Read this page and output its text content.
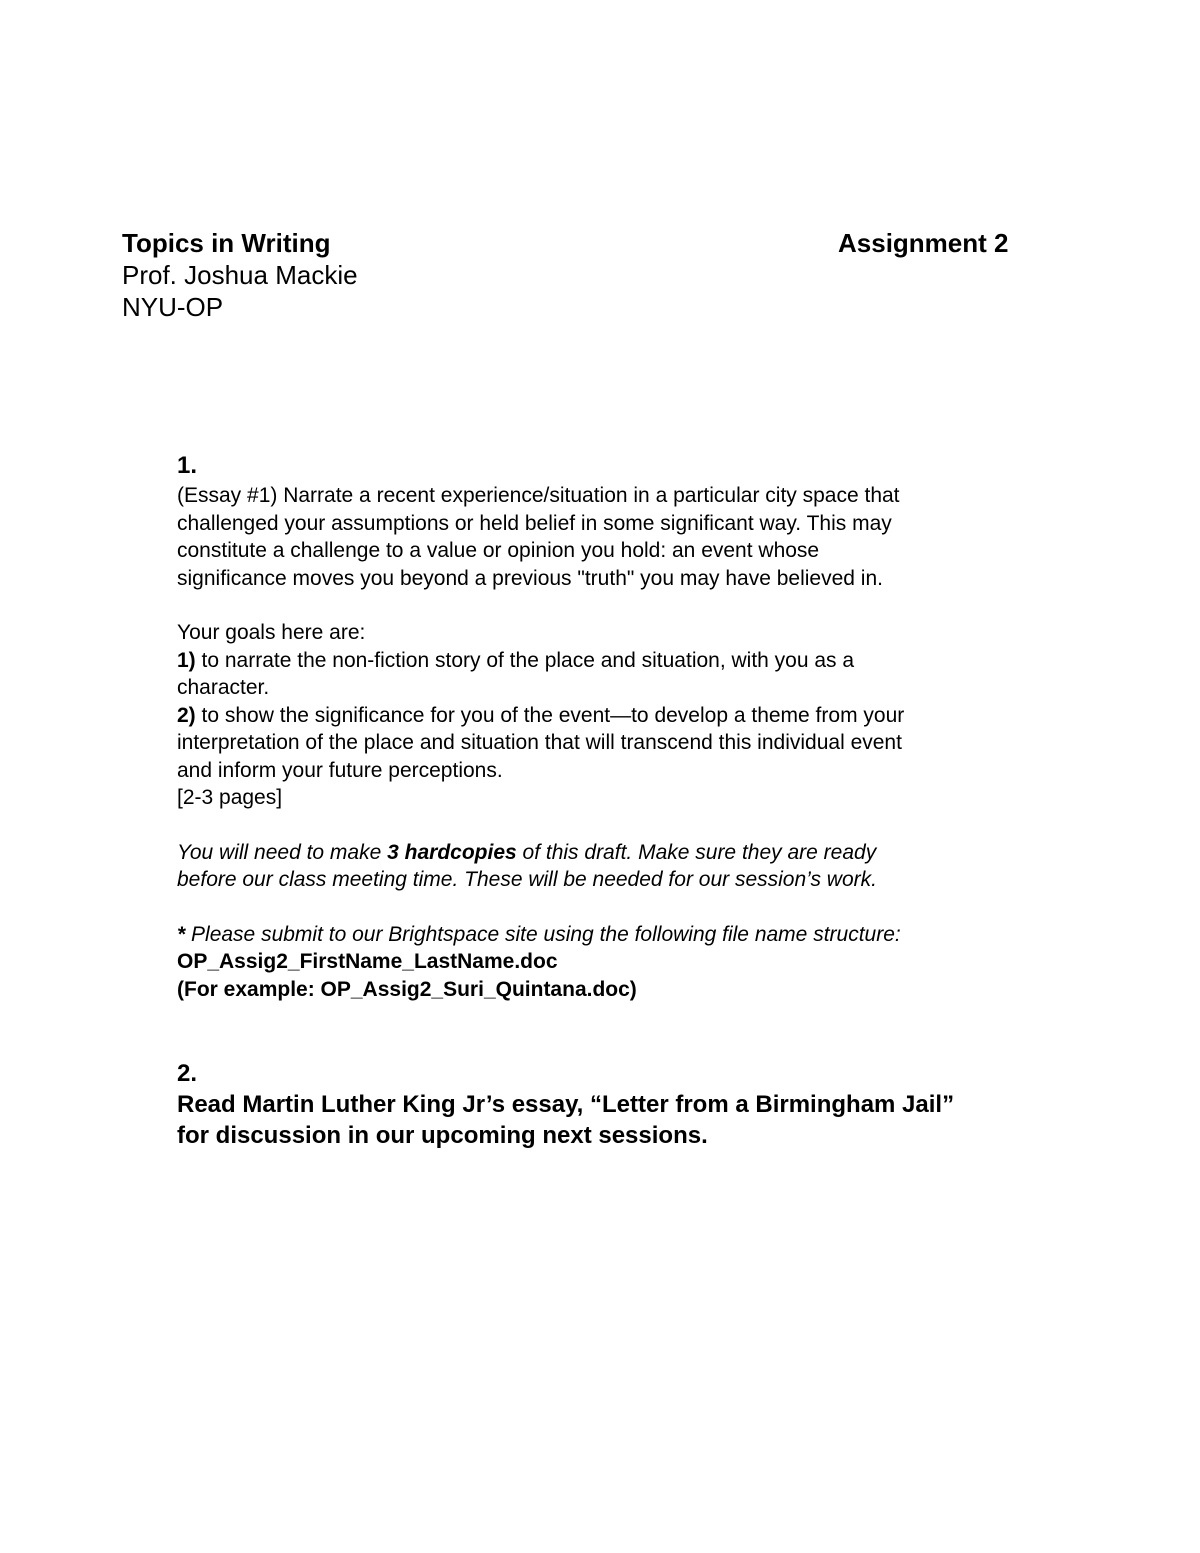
Topics in Writing	Assignment 2
Prof. Joshua Mackie
NYU-OP
1.

(Essay #1) Narrate a recent experience/situation in a particular city space that

challenged your assumptions or held belief in some significant way. This may

constitute a challenge to a value or opinion you hold: an event whose

significance moves you beyond a previous "truth" you may have believed in.

Your goals here are:

1) to narrate the non-fiction story of the place and situation, with you as a

character.

2) to show the significance for you of the event—to develop a theme from your

interpretation of the place and situation that will transcend this individual event

and inform your future perceptions.

[2-3 pages]

You will need to make 3 hardcopies of this draft. Make sure they are ready

before our class meeting time. These will be needed for our session’s work.

* Please submit to our Brightspace site using the following file name structure:

OP_Assig2_FirstName_LastName.doc

(For example: OP_Assig2_Suri_Quintana.doc)

2.
Read Martin Luther King Jr’s essay, “Letter from a Birmingham Jail”
for discussion in our upcoming next sessions.
